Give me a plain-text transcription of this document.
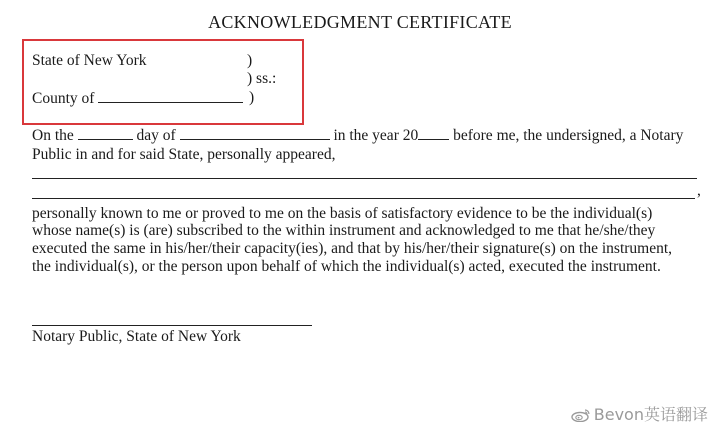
ACKNOWLEDGMENT CERTIFICATE
State of New York	)
) ss.:
County of	)
On the	day of	in the year 20 before me, the undersigned, a Notary
Public in and for said State, personally appeared,
,
personally known to me or proved to me on the basis of satisfactory evidence to be the individual(s)
whose name(s) is (are) subscribed to the within instrument and acknowledged to me that he/she/they
executed the same in his/her/their capacity(ies), and that by his/her/their signature(s) on the instrument,
the individual(s), or the person upon behalf of which the individual(s) acted, executed the instrument.
Notary Public, State of New York
Bevon英语翻译
